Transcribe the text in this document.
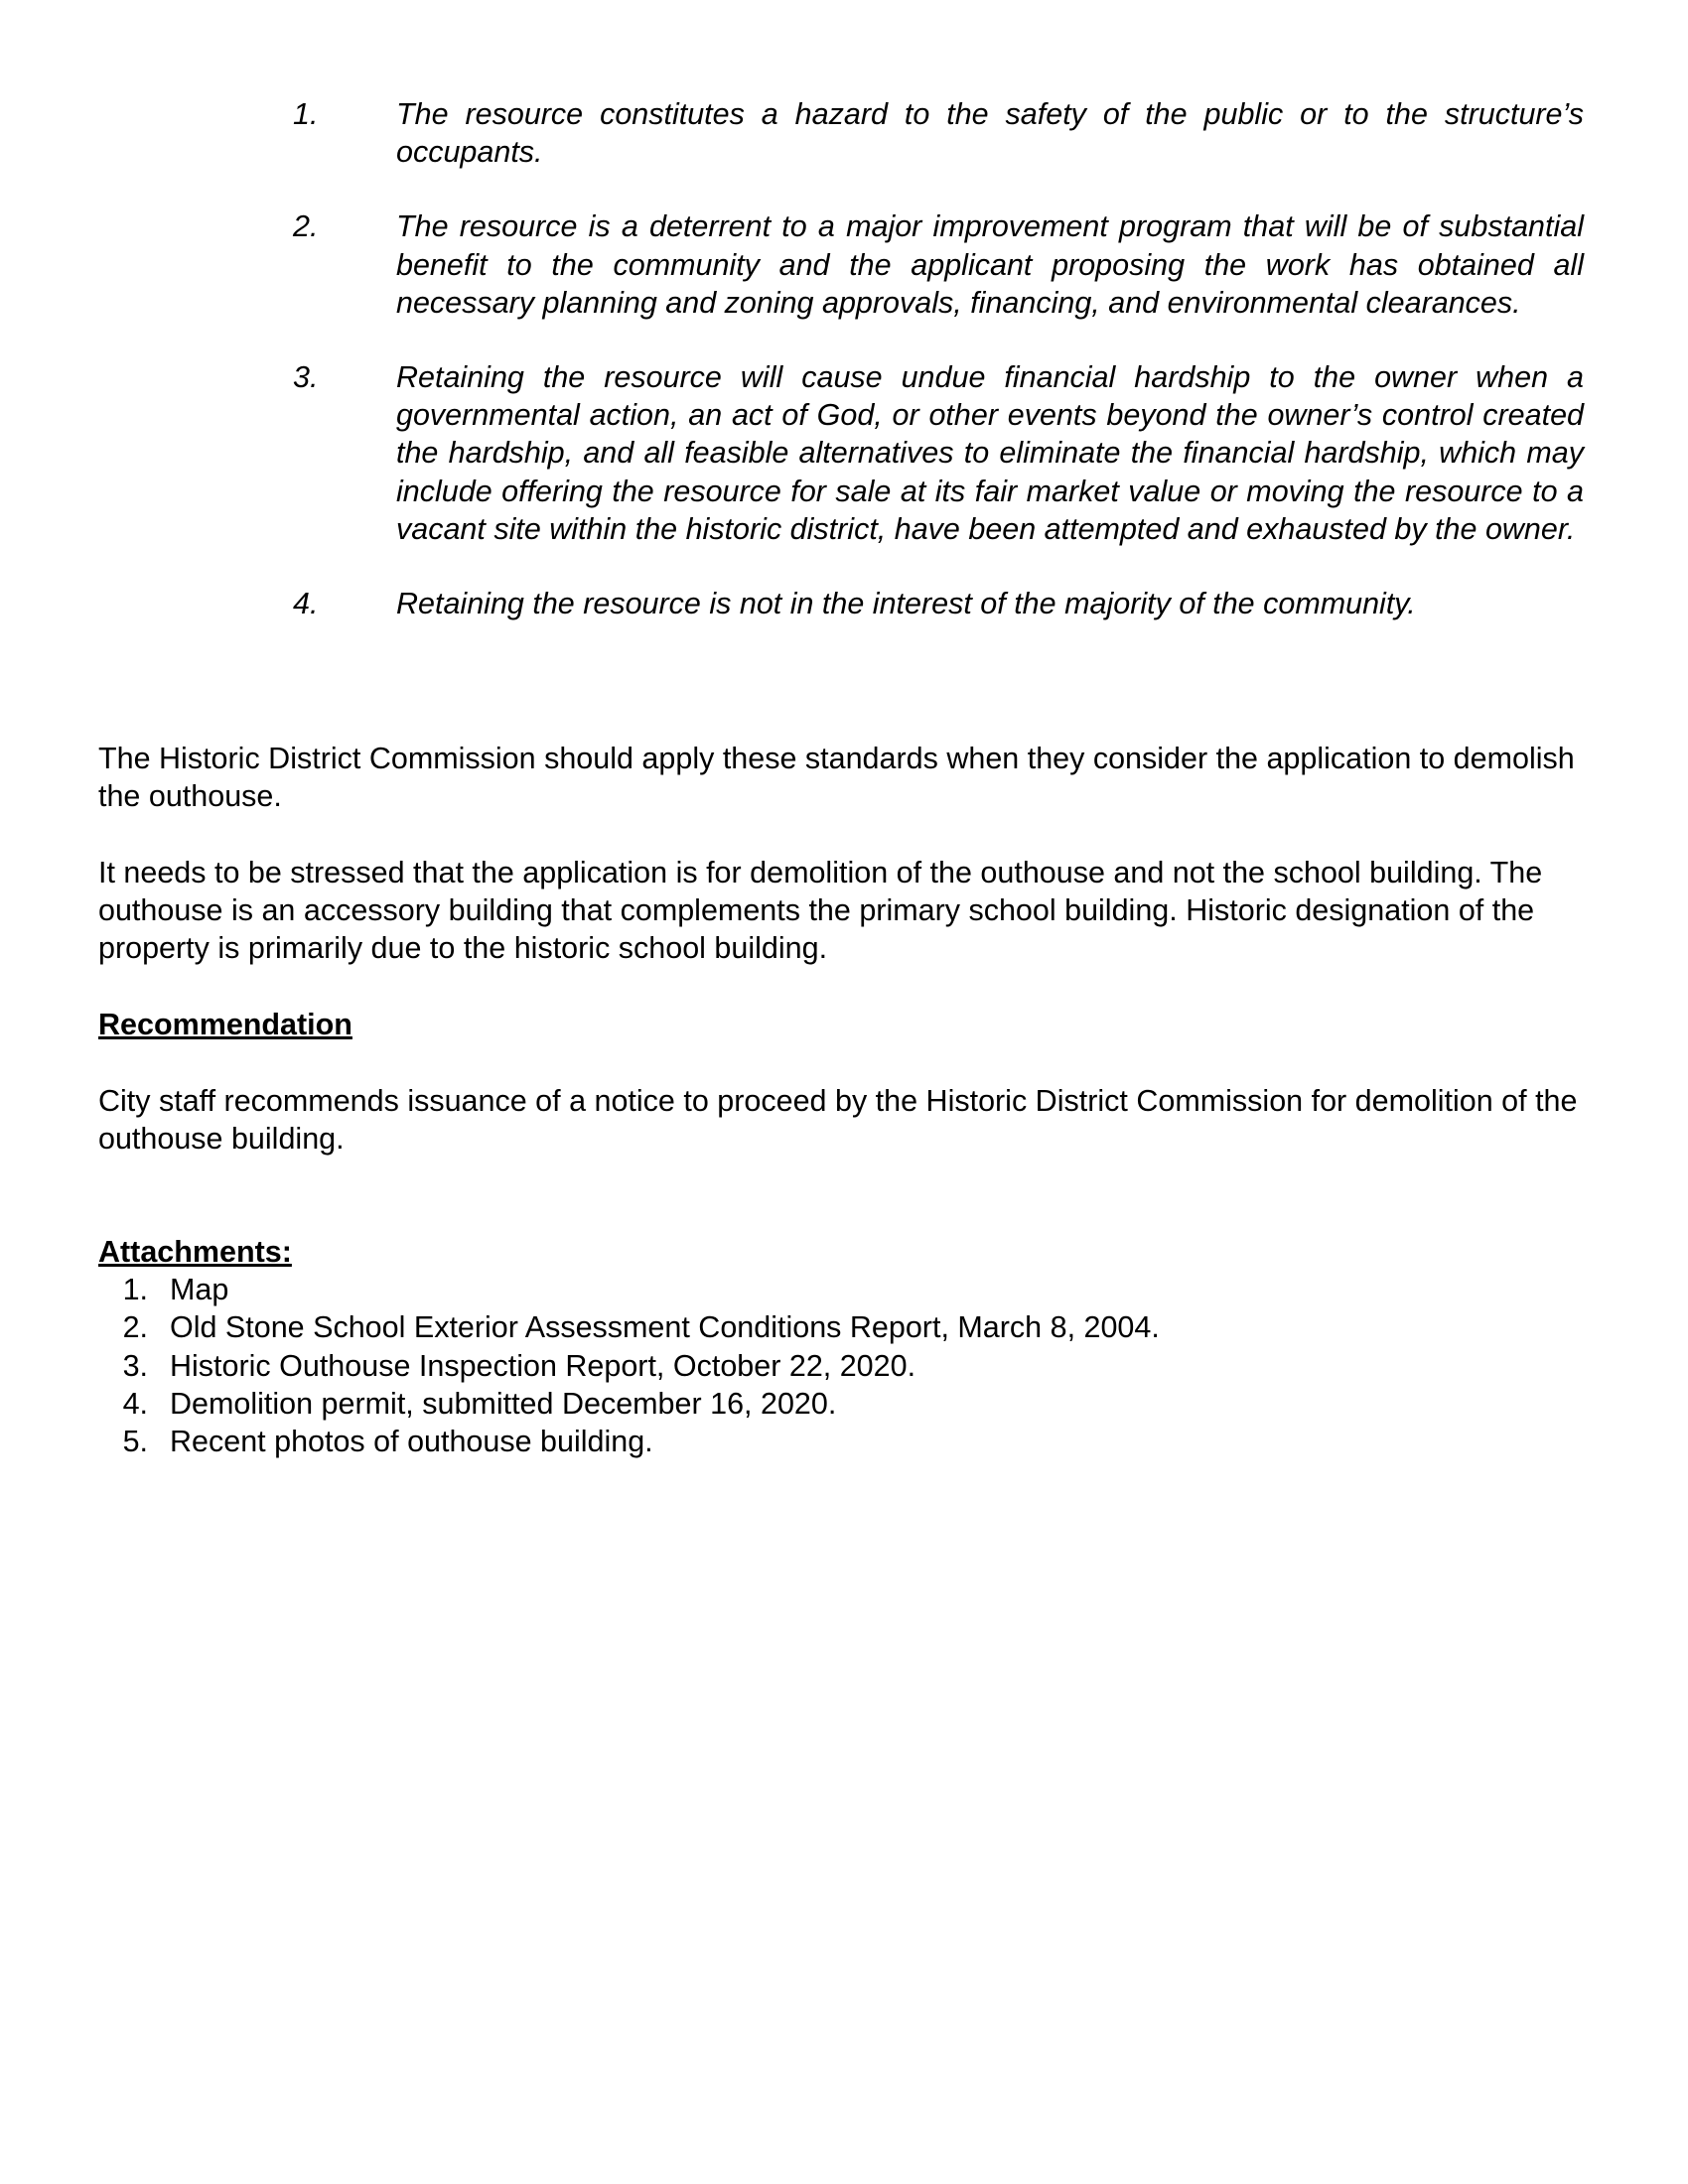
1.	The resource constitutes a hazard to the safety of the public or to the structure’s occupants.
2.	The resource is a deterrent to a major improvement program that will be of substantial benefit to the community and the applicant proposing the work has obtained all necessary planning and zoning approvals, financing, and environmental clearances.
3.	Retaining the resource will cause undue financial hardship to the owner when a governmental action, an act of God, or other events beyond the owner’s control created the hardship, and all feasible alternatives to eliminate the financial hardship, which may include offering the resource for sale at its fair market value or moving the resource to a vacant site within the historic district, have been attempted and exhausted by the owner.
4.	Retaining the resource is not in the interest of the majority of the community.

The Historic District Commission should apply these standards when they consider the application to demolish the outhouse.

It needs to be stressed that the application is for demolition of the outhouse and not the school building. The outhouse is an accessory building that complements the primary school building. Historic designation of the property is primarily due to the historic school building.

Recommendation

City staff recommends issuance of a notice to proceed by the Historic District Commission for demolition of the outhouse building.

Attachments:

1. Map
2. Old Stone School Exterior Assessment Conditions Report, March 8, 2004.
3. Historic Outhouse Inspection Report, October 22, 2020.
4. Demolition permit, submitted December 16, 2020.
5. Recent photos of outhouse building.
